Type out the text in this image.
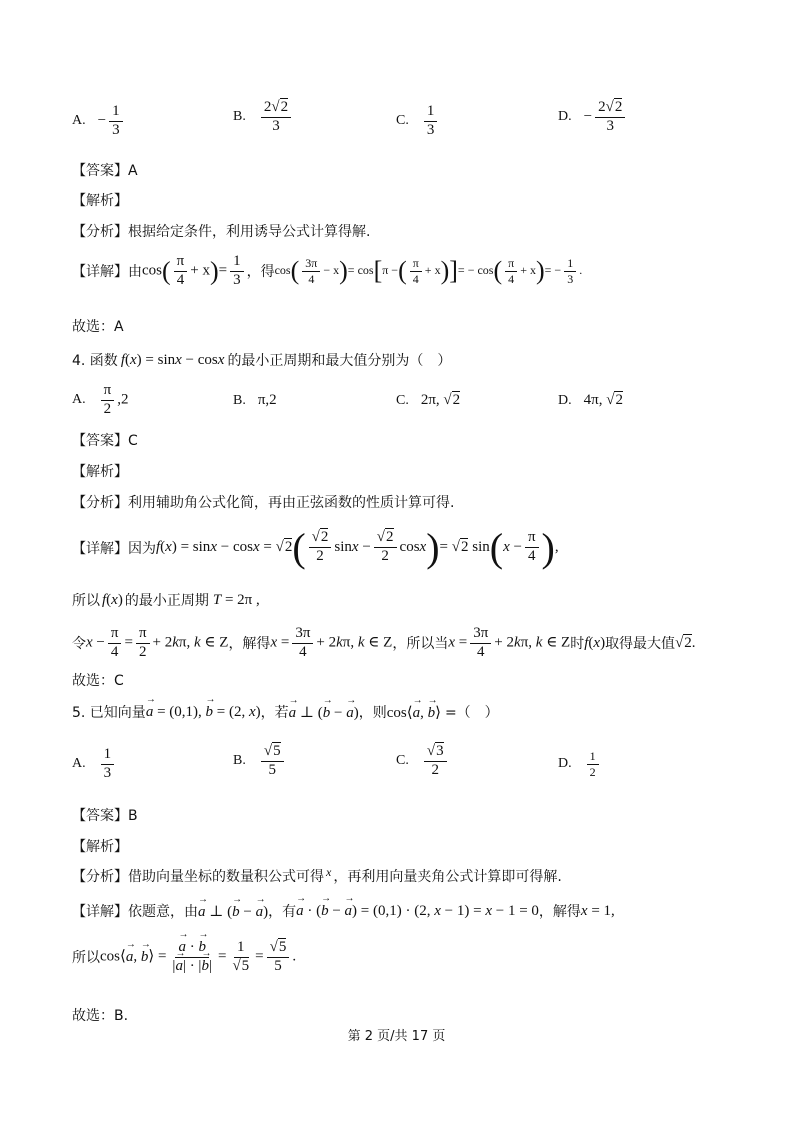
A. − $\frac{1}{3}$	B. $\frac{2√2}{3}$	C. $\frac{1}{3}$	D. − $\frac{2√2}{3}$
【答案】A
【解析】
【分析】根据给定条件，利用诱导公式计算得解.
【详解】由 $\cos( \frac{\pi}{4} + x)= \frac{1}{3}$ ，得 $\cos( \frac{3\pi}{4} - x)= \cos[\pi$ −( $\frac{\pi}{4} + x)]= - \cos( \frac{\pi}{4} + x)= - \frac{1}{3}$ .
故选：A
4. 函数 f(x) = sinx − cosx 的最小正周期和最大值分别为（　）
A. $\frac{\pi}{2} ,2$	B. π,2	C. 2π, √2	D. 4π, √2
【答案】C
【解析】
【分析】利用辅助角公式化简，再由正弦函数的性质计算可得.
【详解】因为 $f(x) = \sin x - \cos x = √2( \frac{√2}{2}$ $\sin x - \frac{√2}{2} \cos x)= √2$ $\sin(x - \frac{\pi}{4}$ ),
所以 f(x) 的最小正周期 T = 2π ,
令 $x - \frac{\pi}{4} = \frac{\pi}{2} + 2k\pi$, k ∈ Z ，解得 $x = \frac{3\pi}{4} + 2k\pi$, k ∈ Z ，所以当 $x = \frac{3\pi}{4} + 2k\pi$, k ∈ Z 时 f(x) 取得最大值 √2.
故选：C
5. 已知向量 → a = (0,1), → b = (2, x) ，若 → a ⊥ (→ b − → a) ，则 cos⟨→ a, → b⟩ =（　）
A. $\frac{1}{3}$	B. $\frac{√5}{5}$	C. $\frac{√3}{2}$	D. $\frac{1}{2}$
【答案】B
【解析】
【分析】借助向量坐标的数量积公式可得 x ，再利用向量夹角公式计算即可得解.
【详解】依题意，由 → a ⊥ (→ b − → a) ，有 → a · (→ b − → a) = (0,1) · (2, x − 1) = x − 1 = 0 ，解得 x = 1,
所以 cos⟨→ a, → b⟩ = → $\frac{a \cdot \to b}{|\to a| \cdot |\to b|} = \frac{1}{√5} = \frac{√5}{5}$ .
故选：B.
第 2 页/共 17 页
